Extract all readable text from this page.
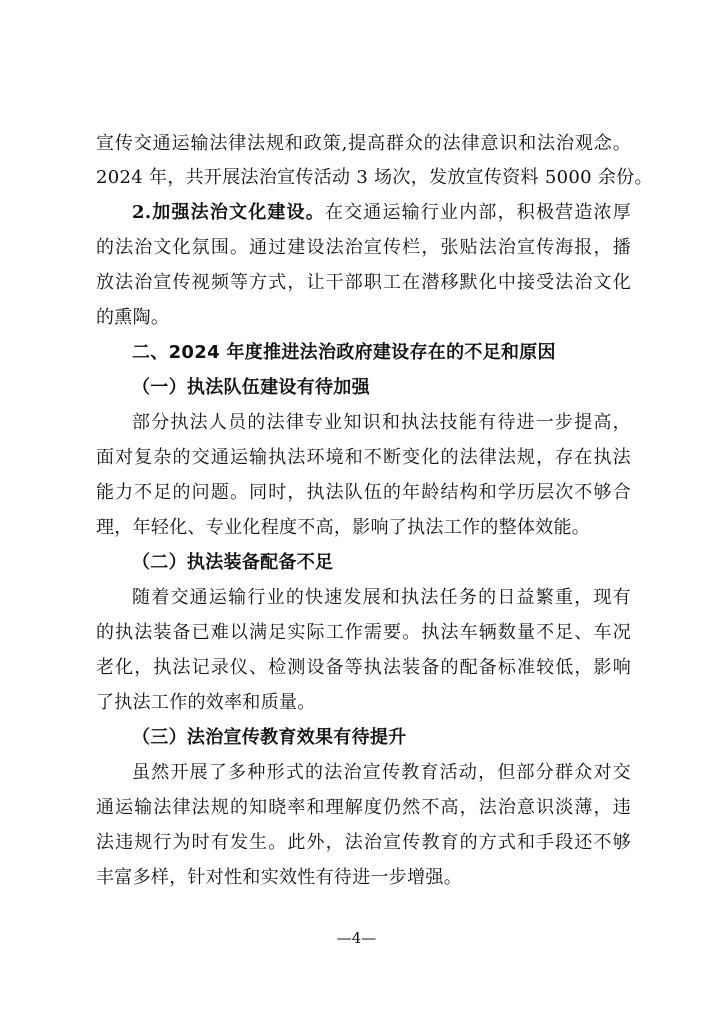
宣传交通运输法律法规和政策,提高群众的法律意识和法治观念。
2024 年，共开展法治宣传活动 3 场次，发放宣传资料 5000 余份。
2.加强法治文化建设。在交通运输行业内部，积极营造浓厚
的法治文化氛围。通过建设法治宣传栏，张贴法治宣传海报，播
放法治宣传视频等方式，让干部职工在潜移默化中接受法治文化
的熏陶。
二、2024 年度推进法治政府建设存在的不足和原因
（一）执法队伍建设有待加强
部分执法人员的法律专业知识和执法技能有待进一步提高，
面对复杂的交通运输执法环境和不断变化的法律法规，存在执法
能力不足的问题。同时，执法队伍的年龄结构和学历层次不够合
理，年轻化、专业化程度不高，影响了执法工作的整体效能。
（二）执法装备配备不足
随着交通运输行业的快速发展和执法任务的日益繁重，现有
的执法装备已难以满足实际工作需要。执法车辆数量不足、车况
老化，执法记录仪、检测设备等执法装备的配备标准较低，影响
了执法工作的效率和质量。
（三）法治宣传教育效果有待提升
虽然开展了多种形式的法治宣传教育活动，但部分群众对交
通运输法律法规的知晓率和理解度仍然不高，法治意识淡薄，违
法违规行为时有发生。此外，法治宣传教育的方式和手段还不够
丰富多样，针对性和实效性有待进一步增强。
—4—
